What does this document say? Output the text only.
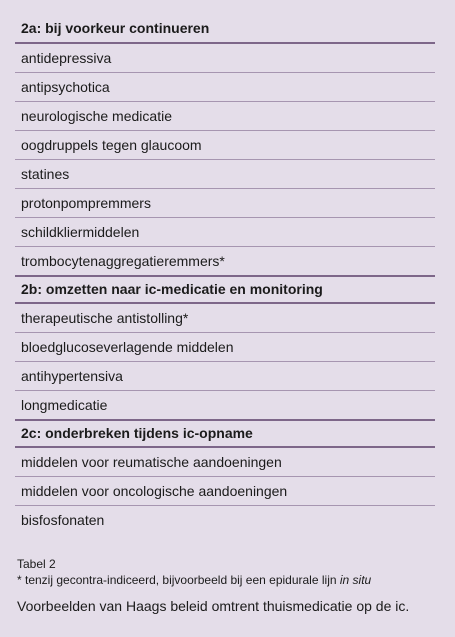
2a: bij voorkeur continueren
antidepressiva
antipsychotica
neurologische medicatie
oogdruppels tegen glaucoom
statines
protonpompremmers
schildkliermiddelen
trombocytenaggregatieremmers*
2b: omzetten naar ic-medicatie en monitoring
therapeutische antistolling*
bloedglucoseverlagende middelen
antihypertensiva
longmedicatie
2c: onderbreken tijdens ic-opname
middelen voor reumatische aandoeningen
middelen voor oncologische aandoeningen
bisfosfonaten
Tabel 2
* tenzij gecontra-indiceerd, bijvoorbeeld bij een epidurale lijn in situ
Voorbeelden van Haags beleid omtrent thuismedicatie op de ic.
